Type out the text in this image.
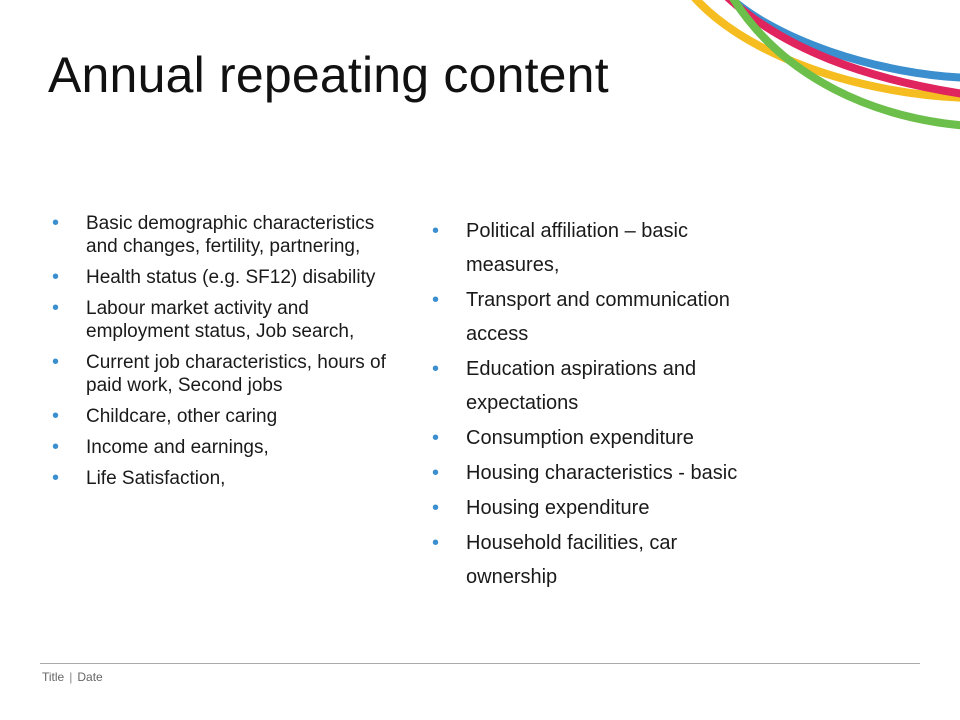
Annual repeating content
• Basic demographic characteristics and changes, fertility, partnering,
• Health status (e.g. SF12) disability
• Labour market activity and employment status, Job search,
• Current job characteristics, hours of paid work, Second jobs
• Childcare, other caring
• Income and earnings,
• Life Satisfaction,
• Political affiliation – basic measures,
• Transport and communication access
• Education aspirations and expectations
• Consumption expenditure
• Housing characteristics - basic
• Housing expenditure
• Household facilities, car ownership
Title | Date
